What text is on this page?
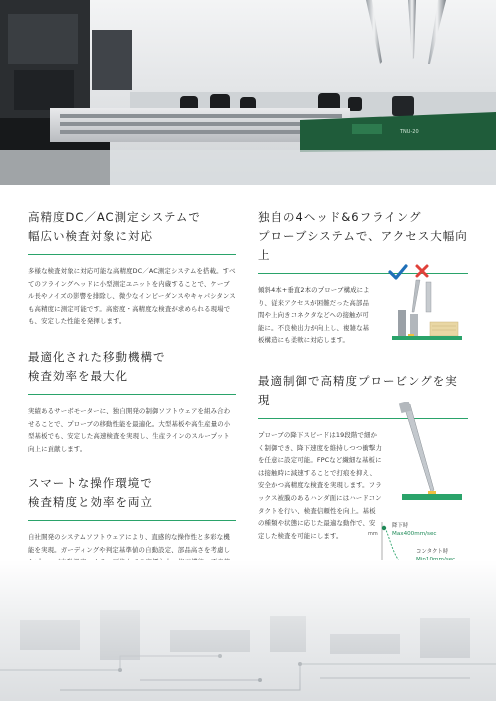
TNU-20
高精度DC／AC測定システムで
幅広い検査対象に対応

多様な検査対象に対応可能な高精度DC／AC測定システムを搭載。すべてのフライングヘッドに小型測定ユニットを内蔵することで、ケーブル長やノイズの影響を排除し、微少なインピーダンスやキャパシタンスも高精度に測定可能です。高密度・高精度な検査が求められる現場でも、安定した性能を発揮します。

最適化された移動機構で
検査効率を最大化

実績あるサーボモーターに、独自開発の制御ソフトウェアを組み合わせることで、プローブの移動性能を最適化。大型基板や高生産量の小型基板でも、安定した高速検査を実現し、生産ラインのスループット向上に貢献します。

スマートな操作環境で
検査精度と効率を両立

自社開発のシステムソフトウェアにより、直感的な操作性と多彩な機能を実現。ガーディングや判定基準値の自動設定、部品高さを考慮し

独自の4ヘッド&6フライング
プローブシステムで、アクセス大幅向上

傾斜4本+垂直2本のプローブ構成により、従来アクセスが困難だった高部品間や上向きコネクタなどへの接触が可能に。不良検出力が向上し、複雑な基板構造にも柔軟に対応します。

最適制御で高精度プロービングを実現

プローブの降下スピードは19段階で細かく制御でき、降下速度を維持しつつ衝撃力を任意に設定可能。FPCなど繊細な基板には接触時に減速することで打痕を抑え、安全かつ高精度な検査を実現します。フラックス被膜のあるハンダ面にはハードコンタクトを行い、検査信頼性を向上。基板の種類や状態に応じた最適な動作で、安定した検査を可能にします。	mm
降下時
Max400mm/sec
コンタクト時
